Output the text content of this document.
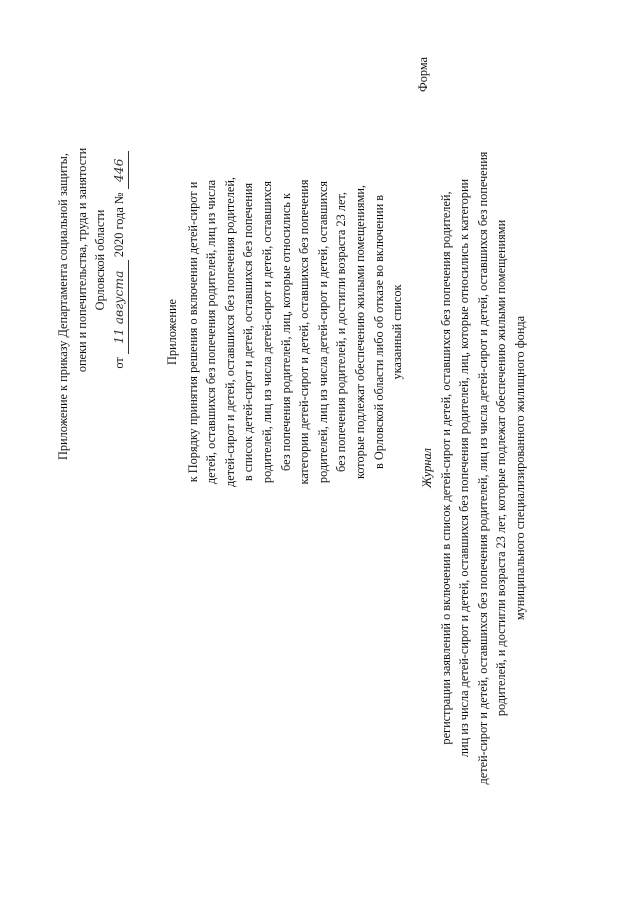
Приложение к приказу Департамента социальной защиты, опеки и попечительства, труда и занятости Орловской области
от 11 августа 2020 года № 446
Приложение к Порядку принятия решения о включении детей-сирот и детей, оставшихся без попечения родителей, лиц из числа детей-сирот и детей, оставшихся без попечения родителей, в список детей-сирот и детей, оставшихся без попечения родителей, лиц из числа детей-сирот и детей, оставшихся без попечения родителей, лиц, которые относились к категории детей-сирот и детей, оставшихся без попечения родителей, лиц из числа детей-сирот и детей, оставшихся без попечения родителей, и достигли возраста 23 лет, которые подлежат обеспечению жилыми помещениями, в Орловской области либо об отказе во включении в указанный список
Форма
Журнал регистрации заявлений о включении в список детей-сирот и детей, оставшихся без попечения родителей, лиц из числа детей-сирот и детей, оставшихся без попечения родителей, лиц, которые относились к категории детей-сирот и детей, оставшихся без попечения родителей, лиц из числа детей-сирот и детей, оставшихся без попечения родителей, и достигли возраста 23 лет, которые подлежат обеспечению жилыми помещениями муниципального специализированного жилищного фонда
